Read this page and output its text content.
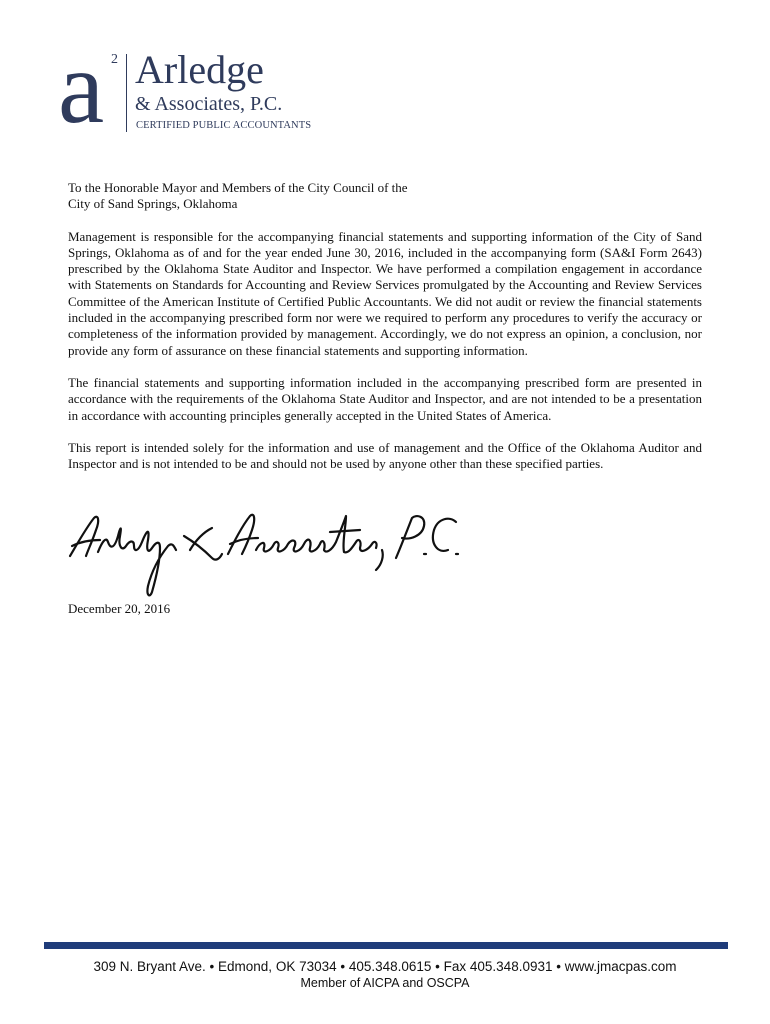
a 2 Arledge
& Associates, P.C.
CERTIFIED PUBLIC ACCOUNTANTS
To the Honorable Mayor and Members of the City Council of the
City of Sand Springs, Oklahoma

Management is responsible for the accompanying financial statements and supporting information of the City of Sand Springs, Oklahoma as of and for the year ended June 30, 2016, included in the accompanying form (SA&I Form 2643) prescribed by the Oklahoma State Auditor and Inspector. We have performed a compilation engagement in accordance with Statements on Standards for Accounting and Review Services promulgated by the Accounting and Review Services Committee of the American Institute of Certified Public Accountants. We did not audit or review the financial statements included in the accompanying prescribed form nor were we required to perform any procedures to verify the accuracy or completeness of the information provided by management. Accordingly, we do not express an opinion, a conclusion, nor provide any form of assurance on these financial statements and supporting information.

The financial statements and supporting information included in the accompanying prescribed form are presented in accordance with the requirements of the Oklahoma State Auditor and Inspector, and are not intended to be a presentation in accordance with accounting principles generally accepted in the United States of America.

This report is intended solely for the information and use of management and the Office of the Oklahoma Auditor and Inspector and is not intended to be and should not be used by anyone other than these specified parties.

December 20, 2016
309 N. Bryant Ave. • Edmond, OK 73034 • 405.348.0615 • Fax 405.348.0931 • www.jmacpas.com
Member of AICPA and OSCPA
